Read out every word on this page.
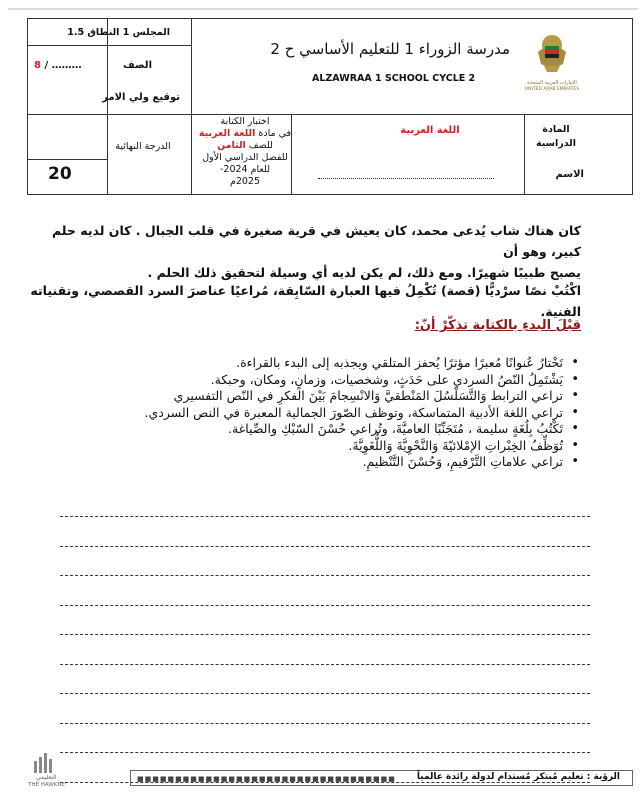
الإمارات العربية المتحدة
UNITED ARAB EMIRATES
مدرسة الزوراء 1 للتعليم الأساسي ح 2
ALZAWRAA 1 SCHOOL CYCLE 2
المجلس 1 النطاق 1.5
الصف
8 / ………
توقيع ولي الامر
المادة الدراسية
اللغة العربية
الاسم
اختبار الكتابة
في مادة اللغة العربية
للصف الثامن
للفصل الدراسي الأول للعام 2024-
2025م
الدرجة النهائية
20
كان هناك شاب يُدعى محمد، كان يعيش في قرية صغيرة في قلب الجبال . كان لديه حلم كبير، وهو أن
يصبح طبيبًا شهيرًا. ومع ذلك، لم يكن لديه أي وسيلة لتحقيق ذلك الحلم .
اكْتُبْ نصًا سرْديًّا (قصة) تُكْمِلُ فيها العبارة السّابِقة، مُراعيًا عناصرَ السرد القصصي، وتقنياته الفنية.
قبْلَ البدءِ بالكتابة تذكّرْ أنّ:
• تَخْتارُ عُنوانًا مُعبرًا مؤثرًا يُحفز المتلقي ويجذبه إلى البدء بالقراءة.
• يَشْتَمِلُ النّصُ السردي على حَدَثٍ، وشخصيات، وزمانٍ، ومكان، وحبكة.
• تراعي الترابط وَالتَّسَلْسُلَ المَنْطقيَّ وَالانْسِجامَ بَيْنَ الفكرِ في النّص التفسيري
• تراعي اللغة الأدبية المتماسكة، وتوظف الصّورَ الجمالية المعبرة في النص السردي.
• تَكْتُبُ بِلُغَةٍ سليمة ، مُتَجَنِّبًا العاميَّةَ، وتُراعي حُسْنَ السّبْكِ والصِّياغة.
• تُوَظِّفُ الخِبْراتِ الإمْلائيّةَ وَالنَّحْوِيَّةَ وَاللُّغَوِيَّةَ.
• تراعي علاماتِ التَّرْقيمِ، وَحُسْنَ التَّنْظيمِ.
التعليمي
THE HAWKNE
■■■■■■■■■■■■■■■■■■■■■■■■■■■■■■■■■■ الرؤية : تعليم مُبتكر مُستدام لدولة رائدة عالمياً
